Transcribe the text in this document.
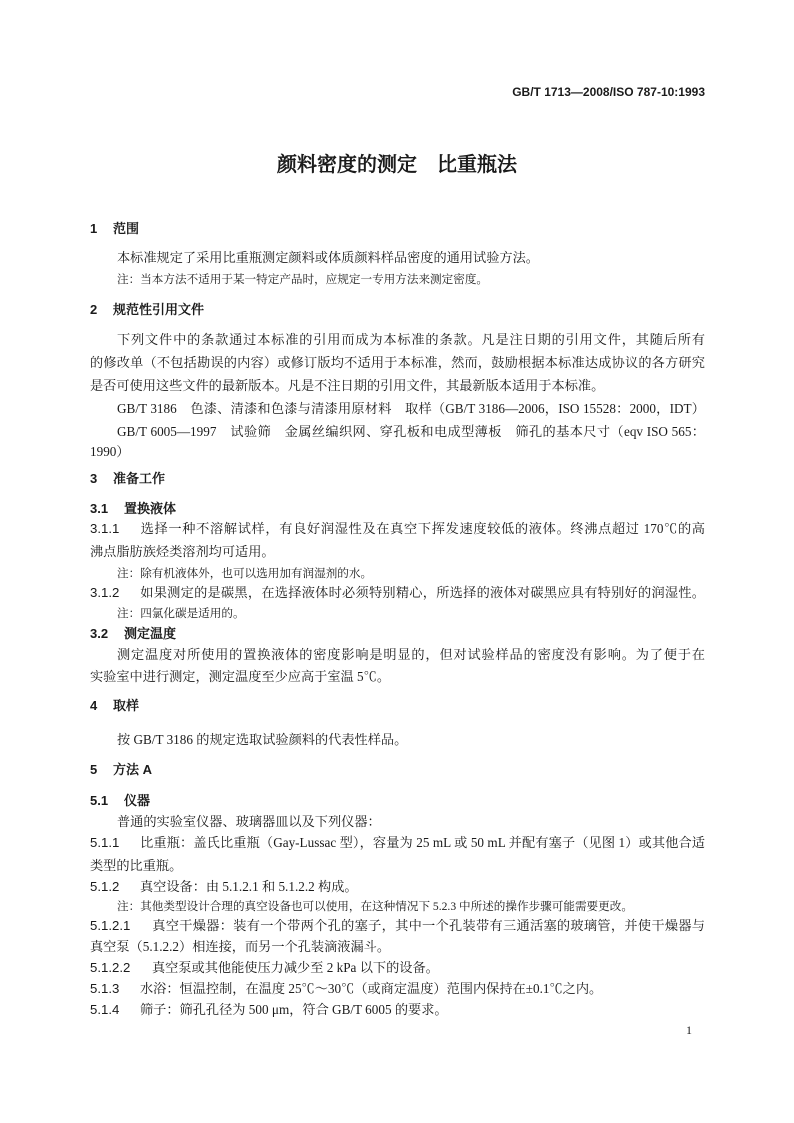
GB/T 1713—2008/ISO 787-10:1993
颜料密度的测定　比重瓶法
1 范围
本标准规定了采用比重瓶测定颜料或体质颜料样品密度的通用试验方法。
注：当本方法不适用于某一特定产品时，应规定一专用方法来测定密度。
2 规范性引用文件
下列文件中的条款通过本标准的引用而成为本标准的条款。凡是注日期的引用文件，其随后所有
的修改单（不包括勘误的内容）或修订版均不适用于本标准，然而，鼓励根据本标准达成协议的各方研究
是否可使用这些文件的最新版本。凡是不注日期的引用文件，其最新版本适用于本标准。
GB/T 3186　色漆、清漆和色漆与清漆用原材料　取样（GB/T 3186—2006，ISO 15528：2000，IDT）
GB/T 6005—1997　试验筛　金属丝编织网、穿孔板和电成型薄板　筛孔的基本尺寸（eqv ISO 565：
1990）
3 准备工作
3.1 置换液体
3.1.1 选择一种不溶解试样，有良好润湿性及在真空下挥发速度较低的液体。终沸点超过 170℃的高
沸点脂肪族烃类溶剂均可适用。
注：除有机液体外，也可以选用加有润湿剂的水。
3.1.2 如果测定的是碳黑，在选择液体时必须特别精心，所选择的液体对碳黑应具有特别好的润湿性。
注：四氯化碳是适用的。
3.2 测定温度
测定温度对所使用的置换液体的密度影响是明显的，但对试验样品的密度没有影响。为了便于在
实验室中进行测定，测定温度至少应高于室温 5℃。
4 取样
按 GB/T 3186 的规定选取试验颜料的代表性样品。
5 方法 A
5.1 仪器
普通的实验室仪器、玻璃器皿以及下列仪器：
5.1.1 比重瓶：盖氏比重瓶（Gay-Lussac 型），容量为 25 mL 或 50 mL 并配有塞子（见图 1）或其他合适
类型的比重瓶。
5.1.2 真空设备：由 5.1.2.1 和 5.1.2.2 构成。
注：其他类型设计合理的真空设备也可以使用，在这种情况下 5.2.3 中所述的操作步骤可能需要更改。
5.1.2.1 真空干燥器：装有一个带两个孔的塞子，其中一个孔装带有三通活塞的玻璃管，并使干燥器与
真空泵（5.1.2.2）相连接，而另一个孔装滴液漏斗。
5.1.2.2 真空泵或其他能使压力减少至 2 kPa 以下的设备。
5.1.3 水浴：恒温控制，在温度 25℃～30℃（或商定温度）范围内保持在±0.1℃之内。
5.1.4 筛子：筛孔孔径为 500 μm，符合 GB/T 6005 的要求。
1
